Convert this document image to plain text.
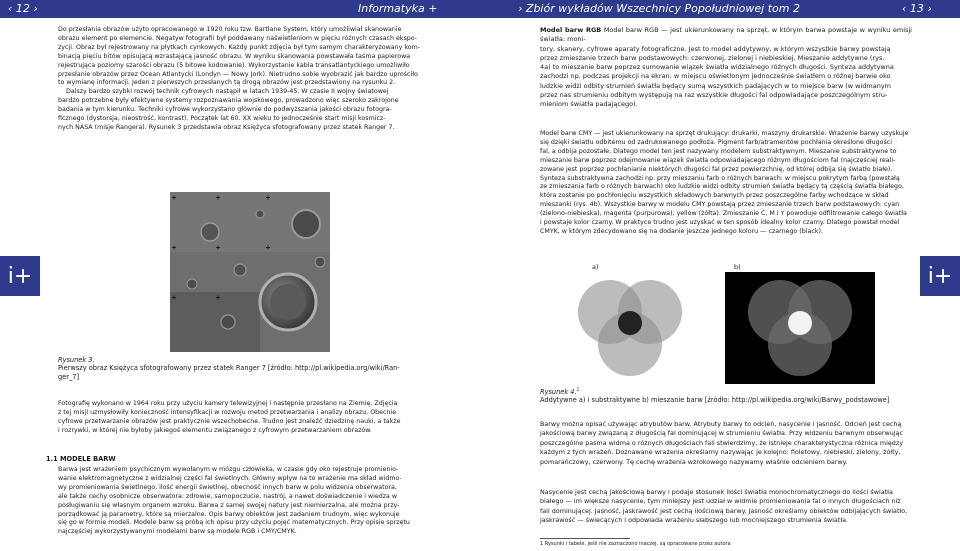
‹ 12 ›	Informatyka +	› Zbiór wykładów Wszechnicy Popołudniowej tom 2	‹ 13 ›
i+	i+

Do przesłania obrazów użyto opracowanego w 1920 roku tzw. Bartlane System, który umożliwiał skanowanie

obrazu element po elemencie. Negatyw fotografii był poddawany naświetleniom w pięciu różnych czasach ekspo-

zycji. Obraz był rejestrowany na płytkach cynkowych. Każdy punkt zdjęcia był tym samym charakteryzowany kom-

binacją pięciu bitów opisującą wzrastającą jasność obrazu. W wyniku skanowania powstawała taśma papierowa

rejestrująca poziomy szarości obrazu (5 bitowe kodowanie). Wykorzystanie kabla transatlantyckiego umożliwiło

przesłanie obrazów przez Ocean Atlantycki (Londyn — Nowy Jork). Nietrudno sobie wyobrazić jak bardzo uprościło

to wymianę informacji. Jeden z pierwszych przesłanych tą drogą obrazów jest przedstawiony na rysunku 2.

Dalszy bardzo szybki rozwój technik cyfrowych nastąpił w latach 1939-45. W czasie II wojny światowej

bardzo potrzebne były efektywne systemy rozpoznawania wojskowego, prowadzono więc szeroko zakrojone

badania w tym kierunku. Techniki cyfrowe wykorzystano głównie do podwyższania jakości obrazu fotogra-

ficznego (dystorsja, nieostrość, kontrast). Początek lat 60. XX wieku to jednocześnie start misji kosmicz-

nych NASA (misje Rangera). Rysunek 3 przedstawia obraz Księżyca sfotografowany przez statek Ranger 7.

Rysunek 3.

Pierwszy obraz Księżyca sfotografowany przez statek Ranger 7 [źródło: http://pl.wikipedia.org/wiki/Ran-

ger_7]

Fotografię wykonano w 1964 roku przy użyciu kamery telewizyjnej i następnie przesłano na Ziemię. Zdjęcia

z tej misji uzmysłowiły konieczność intensyfikacji w rozwoju metod przetwarzania i analizy obrazu. Obecnie

cyfrowe przetwarzanie obrazów jest praktycznie wszechobecne. Trudno jest znaleźć dziedzinę nauki, a także

i rozrywki, w której nie byłoby jakiegoś elementu związanego z cyfrowym przetwarzaniem obrazów.

1.1 MODELE BARW

Barwa jest wrażeniem psychicznym wywołanym w mózgu człowieka, w czasie gdy oko rejestruje promienio-

wanie elektromagnetyczne z widzialnej części fal świetlnych. Główny wpływ na to wrażenie ma skład widmo-

wy promieniowania świetlnego, ilość energii świetlnej, obecność innych barw w polu widzenia obserwatora,

ale także cechy osobnicze obserwatora: zdrowie, samopoczucie, nastrój, a nawet doświadczenie i wiedza w

posługiwaniu się własnym organem wzroku. Barwa z samej swojej natury jest niemierzalna, ale można przy-

porządkować ją parametry, które są mierzalne. Opis barwy obiektów jest zadaniem trudnym, więc wykonuje

się go w formie modeli. Modele barw są próbą ich opisu przy użyciu pojęć matematycznych. Przy opisie sprzętu

najczęściej wykorzystywanymi modelami barw są modele RGB i CMY/CMYK.

Model barw RGB Model barw RGB — jest ukierunkowany na sprzęt, w którym barwa powstaje w wyniku emisji światła: moni-

tory, skanery, cyfrowe aparaty fotograficzne. Jest to model addytywny, w którym wszystkie barwy powstają

przez zmieszanie trzech barw podstawowych: czerwonej, zielonej i niebieskiej. Mieszanie addytywne (rys.

4a) to mieszanie barw poprzez sumowanie wiązek światła widzialnego różnych długości. Synteza addytywna

zachodzi np. podczas projekcji na ekran: w miejscu oświetlonym jednocześnie światłem o różnej barwie oko

ludzkie widzi odbity strumień światła będący sumą wszystkich padających w to miejsce barw (w widmanym

przez nas strumieniu odbitym występują na raz wszystkie długości fal odpowiadające poszczególnym stru-

mieniom światła padającego).

Model barw CMY — jest ukierunkowany na sprzęt drukujący: drukarki, maszyny drukarskie. Wrażenie barwy uzyskuje

się dzięki światłu odbitemu od zadrukowanego podłoża. Pigment farb/atramentów pochłania określone długości

fal, a odbija pozostałe. Dlatego model ten jest nazywany modelem substraktywnym. Mieszanie substraktywne to

mieszanie barw poprzez odejmowanie wiązek światła odpowiadającego różnym długościom fal (najczęściej reali-

zowane jest poprzez pochłanianie niektórych długości fal przez powierzchnię, od której odbija się światło białe).

Synteza substraktywna zachodzi np. przy mieszaniu farb o różnych barwach: w miejscu pokrytym farbą (powstałą

ze zmieszania farb o różnych barwach) oko ludzkie widzi odbity strumień światła będący tą częścią światła białego,

która zostanie po pochłonięciu wszystkich składowych barwnych przez poszczególne farby wchodzące w skład

mieszanki (rys. 4b). Wszystkie barwy w modelu CMY powstają przez zmieszanie trzech barw podstawowych: cyan

(zielono-niebieska), magenta (purpurowa), yellow (żółta). Zmieszanie C, M i Y powoduje odfiltrowanie całego światła

i powstaje kolor czarny. W praktyce trudno jest uzyskać w ten sposób idealny kolor czarny. Dlatego powstał model

CMYK, w którym zdecydowano się na dodanie jeszcze jednego koloru — czarnego (black).

a)	b)

Rysunek 4.$^1$

Addytywne a) i substraktywne b) mieszanie barw [źródło: http://pl.wikipedia.org/wiki/Barwy_podstawowe]

Barwy można opisać używając atrybutów barw. Atrybuty barwy to odcień, nasycenie i jasność. Odcień jest cechą

jakościową barwy związaną z długością fal dominującej w strumieniu światła. Przy widzeniu barwnym obserwując

poszczególne pasma widma o różnych długościach fali stwierdzimy, że istnieje charakterystyczna różnica między

każdym z tych wrażeń. Doznawane wrażenia określamy nazywając je kolejno: fioletowy, niebieski, zielony, żółty,

pomarańczowy, czerwony. Tę cechę wrażenia wzrokowego nazywamy właśnie odcieniem barwy.

Nasycenie jest cechą jakościową barwy i podaje stosunek ilości światła monochromatycznego do ilości światła

białego — im większe nasycenie, tym mniejszy jest udział w widmie promieniowania fal o innych długościach niż

fali dominującej. Jasność, jaskrawość jest cechą ilościową barwy. Jasność określamy obiektów odbijających światło,

jaskrawość — świecących i odpowiada wrażeniu słabszego lub mocniejszego strumienia światła.

1 Rysunki i tabele, jeśli nie zaznaczono inaczej, są opracowane przez autora
